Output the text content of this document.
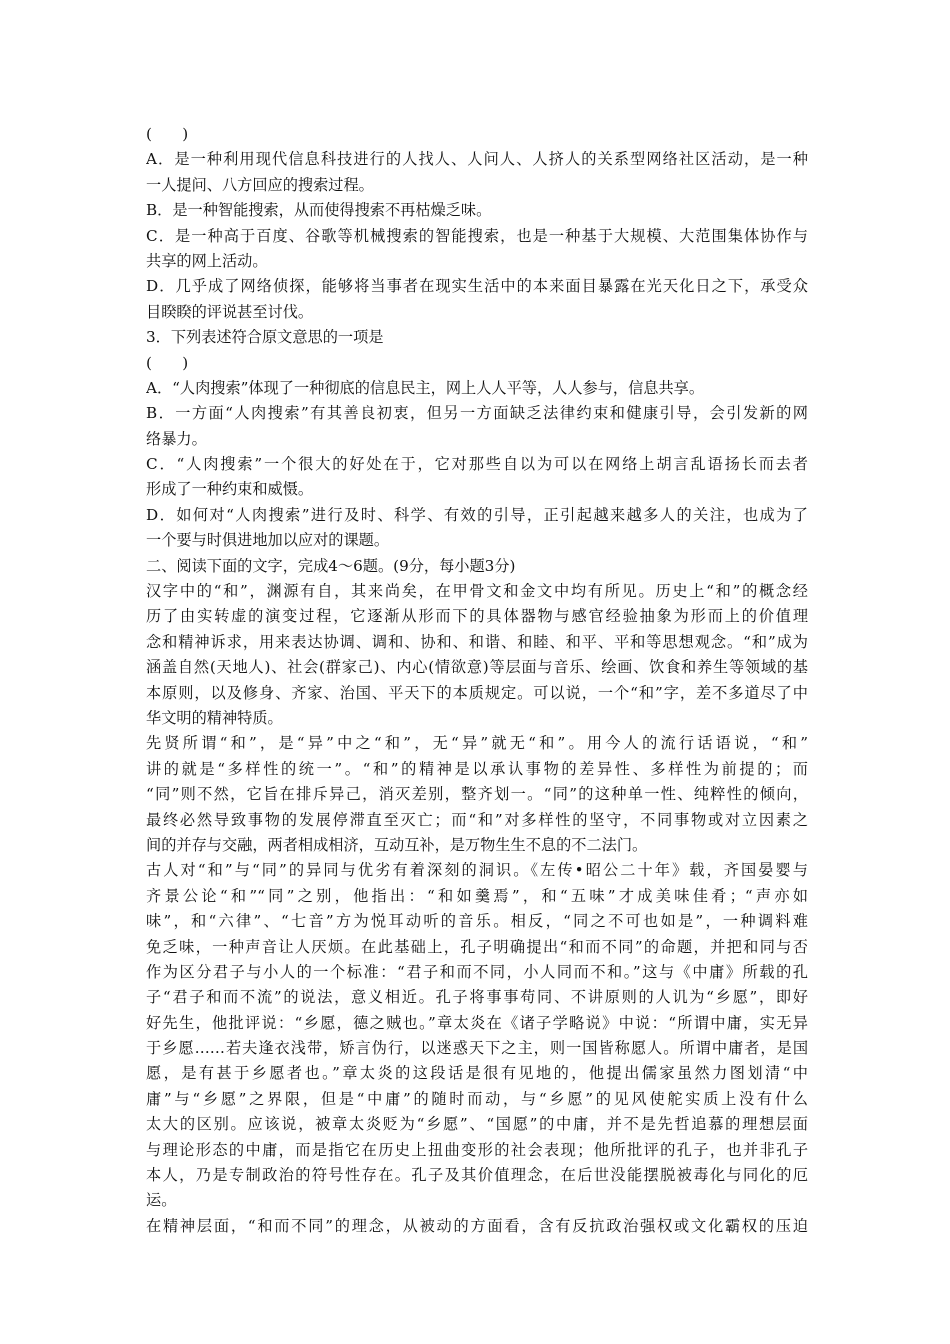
(　　)
A．是一种利用现代信息科技进行的人找人、人问人、人挤人的关系型网络社区活动，是一种
一人提问、八方回应的搜索过程。
B．是一种智能搜索，从而使得搜索不再枯燥乏味。
C．是一种高于百度、谷歌等机械搜索的智能搜索，也是一种基于大规模、大范围集体协作与
共享的网上活动。
D．几乎成了网络侦探，能够将当事者在现实生活中的本来面目暴露在光天化日之下，承受众
目睽睽的评说甚至讨伐。
3．下列表述符合原文意思的一项是
(　　)
A．“人肉搜索”体现了一种彻底的信息民主，网上人人平等，人人参与，信息共享。
B．一方面“人肉搜索”有其善良初衷，但另一方面缺乏法律约束和健康引导，会引发新的网
络暴力。
C．“人肉搜索”一个很大的好处在于，它对那些自以为可以在网络上胡言乱语扬长而去者
形成了一种约束和威慑。
D．如何对“人肉搜索”进行及时、科学、有效的引导，正引起越来越多人的关注，也成为了
一个要与时俱进地加以应对的课题。
二、阅读下面的文字，完成4～6题。(9分，每小题3分)
汉字中的“和”，渊源有自，其来尚矣，在甲骨文和金文中均有所见。历史上“和”的概念经
历了由实转虚的演变过程，它逐渐从形而下的具体器物与感官经验抽象为形而上的价值理
念和精神诉求，用来表达协调、调和、协和、和谐、和睦、和平、平和等思想观念。“和”成为
涵盖自然(天地人)、社会(群家己)、内心(情欲意)等层面与音乐、绘画、饮食和养生等领域的基
本原则，以及修身、齐家、治国、平天下的本质规定。可以说，一个“和”字，差不多道尽了中
华文明的精神特质。
先贤所谓“和”，是“异”中之“和”，无“异”就无“和”。用今人的流行话语说，“和”
讲的就是“多样性的统一”。“和”的精神是以承认事物的差异性、多样性为前提的；而
“同”则不然，它旨在排斥异己，消灭差别，整齐划一。“同”的这种单一性、纯粹性的倾向，
最终必然导致事物的发展停滞直至灭亡；而“和”对多样性的坚守，不同事物或对立因素之
间的并存与交融，两者相成相济，互动互补，是万物生生不息的不二法门。
古人对“和”与“同”的异同与优劣有着深刻的洞识。《左传•昭公二十年》载，齐国晏婴与
齐景公论“和”“同”之别，他指出：“和如羹焉”，和“五味”才成美味佳肴；“声亦如
味”，和“六律”、“七音”方为悦耳动听的音乐。相反，“同之不可也如是”，一种调料难
免乏味，一种声音让人厌烦。在此基础上，孔子明确提出“和而不同”的命题，并把和同与否
作为区分君子与小人的一个标准：“君子和而不同，小人同而不和。”这与《中庸》所载的孔
子“君子和而不流”的说法，意义相近。孔子将事事苟同、不讲原则的人讥为“乡愿”，即好
好先生，他批评说：“乡愿，德之贼也。”章太炎在《诸子学略说》中说：“所谓中庸，实无异
于乡愿……若夫逢衣浅带，矫言伪行，以迷惑天下之主，则一国皆称愿人。所谓中庸者，是国
愿，是有甚于乡愿者也。”章太炎的这段话是很有见地的，他提出儒家虽然力图划清“中
庸”与“乡愿”之界限，但是“中庸”的随时而动，与“乡愿”的见风使舵实质上没有什么
太大的区别。应该说，被章太炎贬为“乡愿”、“国愿”的中庸，并不是先哲追慕的理想层面
与理论形态的中庸，而是指它在历史上扭曲变形的社会表现；他所批评的孔子，也并非孔子
本人，乃是专制政治的符号性存在。孔子及其价值理念，在后世没能摆脱被毒化与同化的厄
运。
在精神层面，“和而不同”的理念，从被动的方面看，含有反抗政治强权或文化霸权的压迫
